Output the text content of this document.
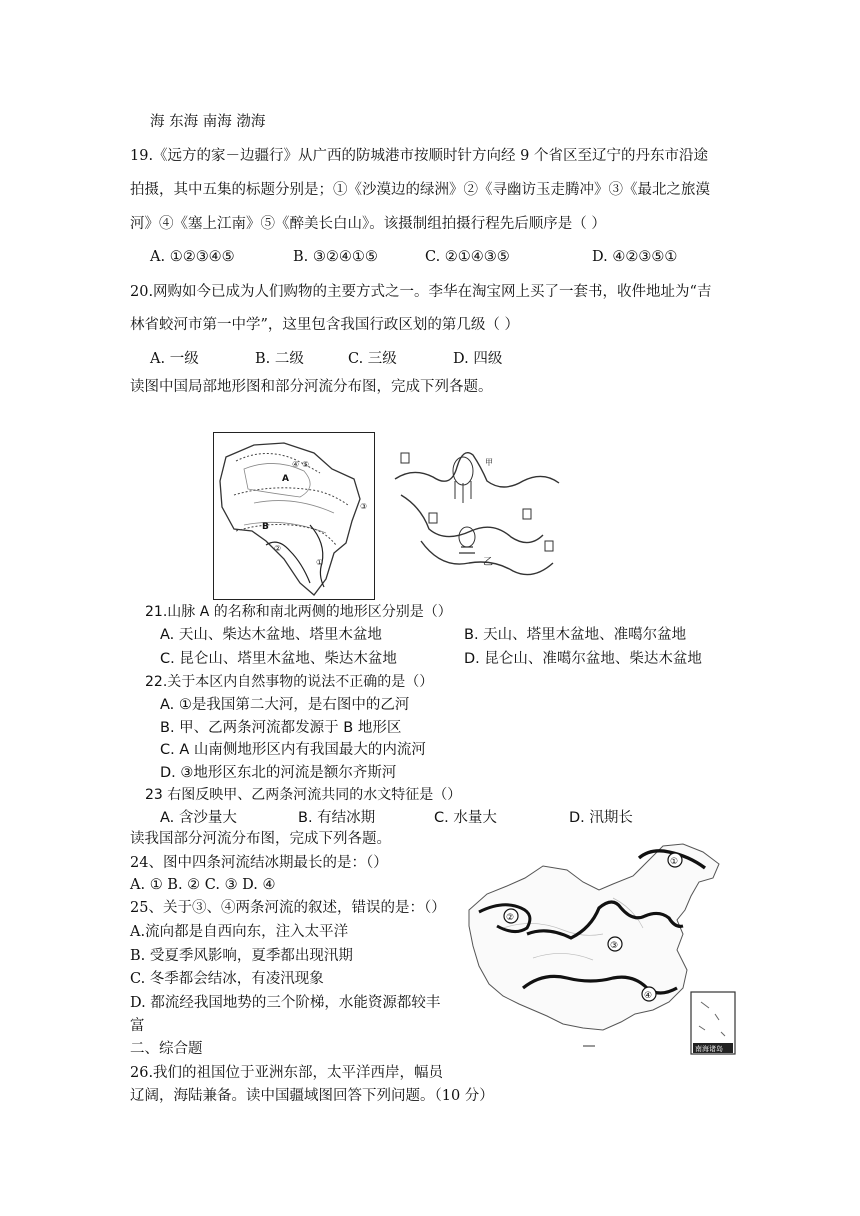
海 东海 南海 渤海
19.《远方的家－边疆行》从广西的防城港市按顺时针方向经 9 个省区至辽宁的丹东市沿途
拍摄，其中五集的标题分别是；①《沙漠边的绿洲》②《寻幽访玉走腾冲》③《最北之旅漠
河》④《塞上江南》⑤《醉美长白山》。该摄制组拍摄行程先后顺序是（ ）
A. ①②③④⑤	B. ③②④①⑤	C. ②①④③⑤	D. ④②③⑤①
20.网购如今已成为人们购物的主要方式之一。李华在淘宝网上买了一套书，收件地址为“吉
林省蛟河市第一中学”，这里包含我国行政区划的第几级（ ）
A. 一级	B. 二级	C. 三级	D. 四级
读图中国局部地形图和部分河流分布图，完成下列各题。
④ ⑤
A
③
B
②
①
甲
乙
21.山脉 A 的名称和南北两侧的地形区分别是（）
A. 天山、柴达木盆地、塔里木盆地	B. 天山、塔里木盆地、准噶尔盆地
C. 昆仑山、塔里木盆地、柴达木盆地	D. 昆仑山、准噶尔盆地、柴达木盆地
22.关于本区内自然事物的说法不正确的是（）
A. ①是我国第二大河，是右图中的乙河
B. 甲、乙两条河流都发源于 B 地形区
C. A 山南侧地形区内有我国最大的内流河
D. ③地形区东北的河流是额尔齐斯河
23 右图反映甲、乙两条河流共同的水文特征是（）
A. 含沙量大	B. 有结冰期	C. 水量大	D. 汛期长
读我国部分河流分布图，完成下列各题。
24、图中四条河流结冰期最长的是：（）
A. ① B. ② C. ③ D. ④
25、关于③、④两条河流的叙述，错误的是：（）
A.流向都是自西向东，注入太平洋
B. 受夏季风影响，夏季都出现汛期
C. 冬季都会结冰，有凌汛现象
D. 都流经我国地势的三个阶梯，水能资源都较丰
富
①
②
③
④
南海诸岛
二、综合题
26.我们的祖国位于亚洲东部，太平洋西岸，幅员
辽阔，海陆兼备。读中国疆域图回答下列问题。（10 分）
